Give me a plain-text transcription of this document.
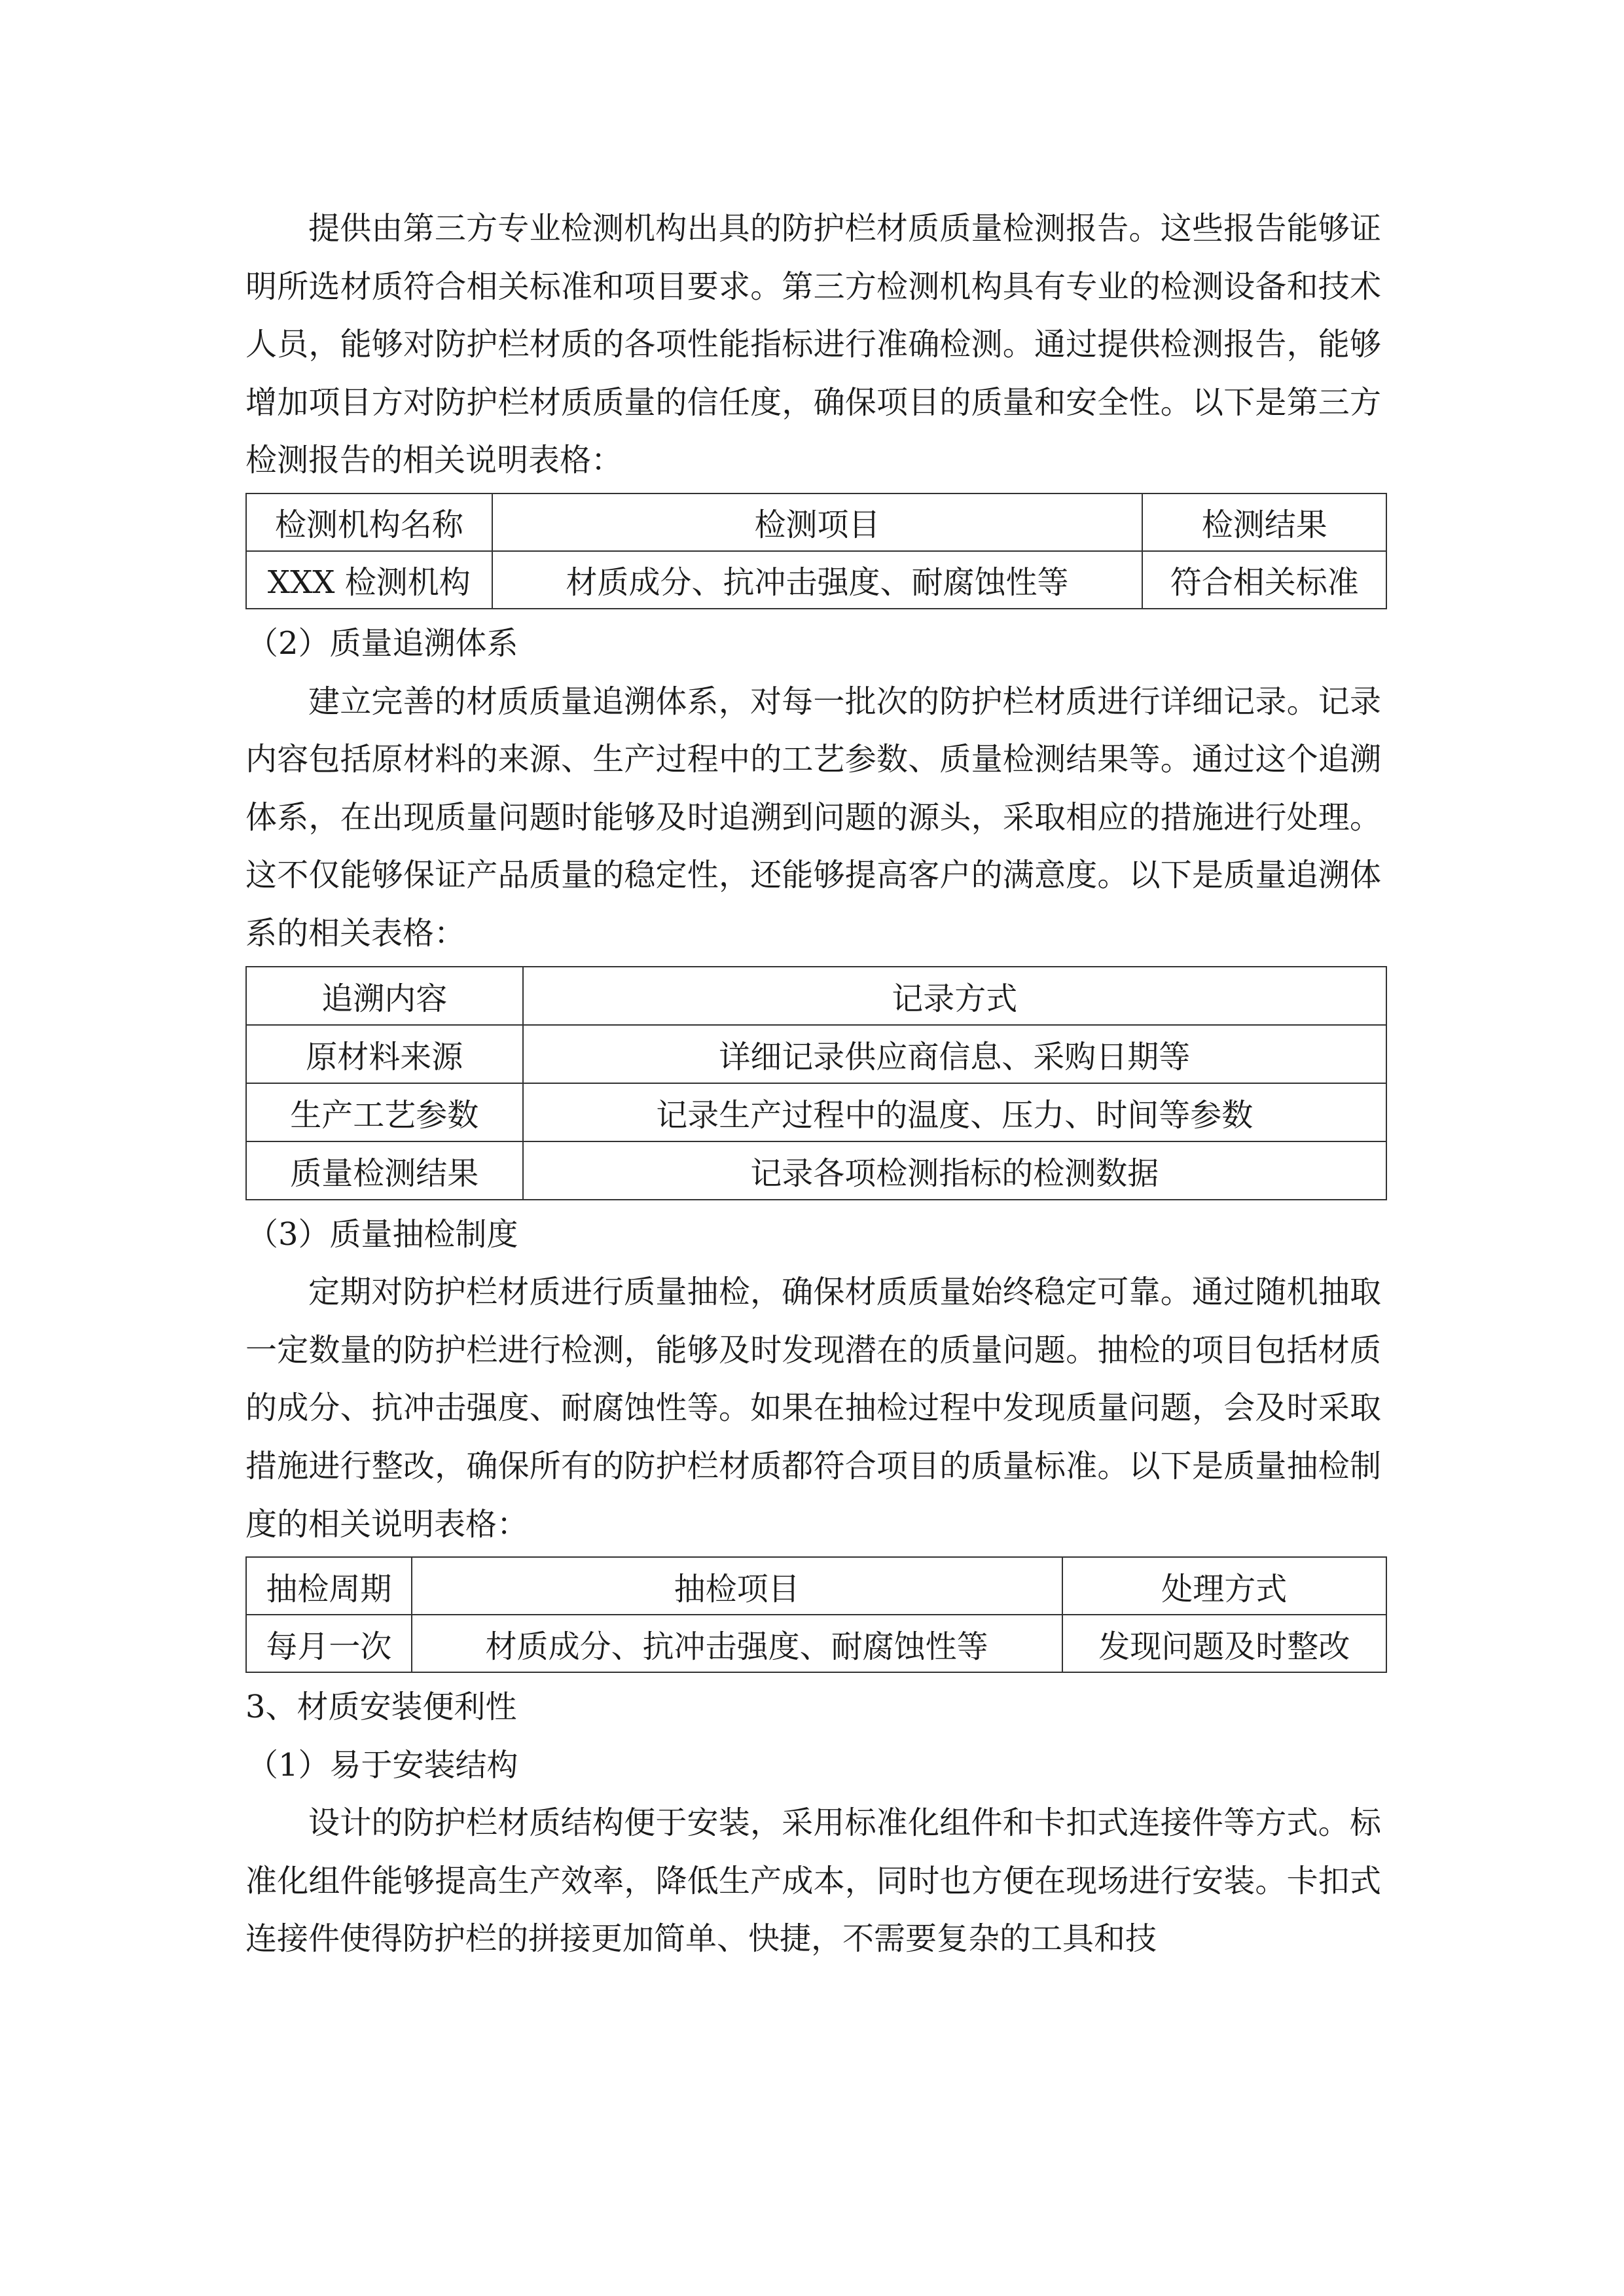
提供由第三方专业检测机构出具的防护栏材质质量检测报告。这些报告能够证明所选材质符合相关标准和项目要求。第三方检测机构具有专业的检测设备和技术人员，能够对防护栏材质的各项性能指标进行准确检测。通过提供检测报告，能够增加项目方对防护栏材质质量的信任度，确保项目的质量和安全性。以下是第三方检测报告的相关说明表格：

检测机构名称	检测项目	检测结果
XXX 检测机构	材质成分、抗冲击强度、耐腐蚀性等	符合相关标准

（2）质量追溯体系

建立完善的材质质量追溯体系，对每一批次的防护栏材质进行详细记录。记录内容包括原材料的来源、生产过程中的工艺参数、质量检测结果等。通过这个追溯体系，在出现质量问题时能够及时追溯到问题的源头，采取相应的措施进行处理。这不仅能够保证产品质量的稳定性，还能够提高客户的满意度。以下是质量追溯体系的相关表格：

追溯内容	记录方式
原材料来源	详细记录供应商信息、采购日期等
生产工艺参数	记录生产过程中的温度、压力、时间等参数
质量检测结果	记录各项检测指标的检测数据

（3）质量抽检制度

定期对防护栏材质进行质量抽检，确保材质质量始终稳定可靠。通过随机抽取一定数量的防护栏进行检测，能够及时发现潜在的质量问题。抽检的项目包括材质的成分、抗冲击强度、耐腐蚀性等。如果在抽检过程中发现质量问题，会及时采取措施进行整改，确保所有的防护栏材质都符合项目的质量标准。以下是质量抽检制度的相关说明表格：

抽检周期	抽检项目	处理方式
每月一次	材质成分、抗冲击强度、耐腐蚀性等	发现问题及时整改

3、材质安装便利性

（1）易于安装结构

设计的防护栏材质结构便于安装，采用标准化组件和卡扣式连接件等方式。标准化组件能够提高生产效率，降低生产成本，同时也方便在现场进行安装。卡扣式连接件使得防护栏的拼接更加简单、快捷，不需要复杂的工具和技
